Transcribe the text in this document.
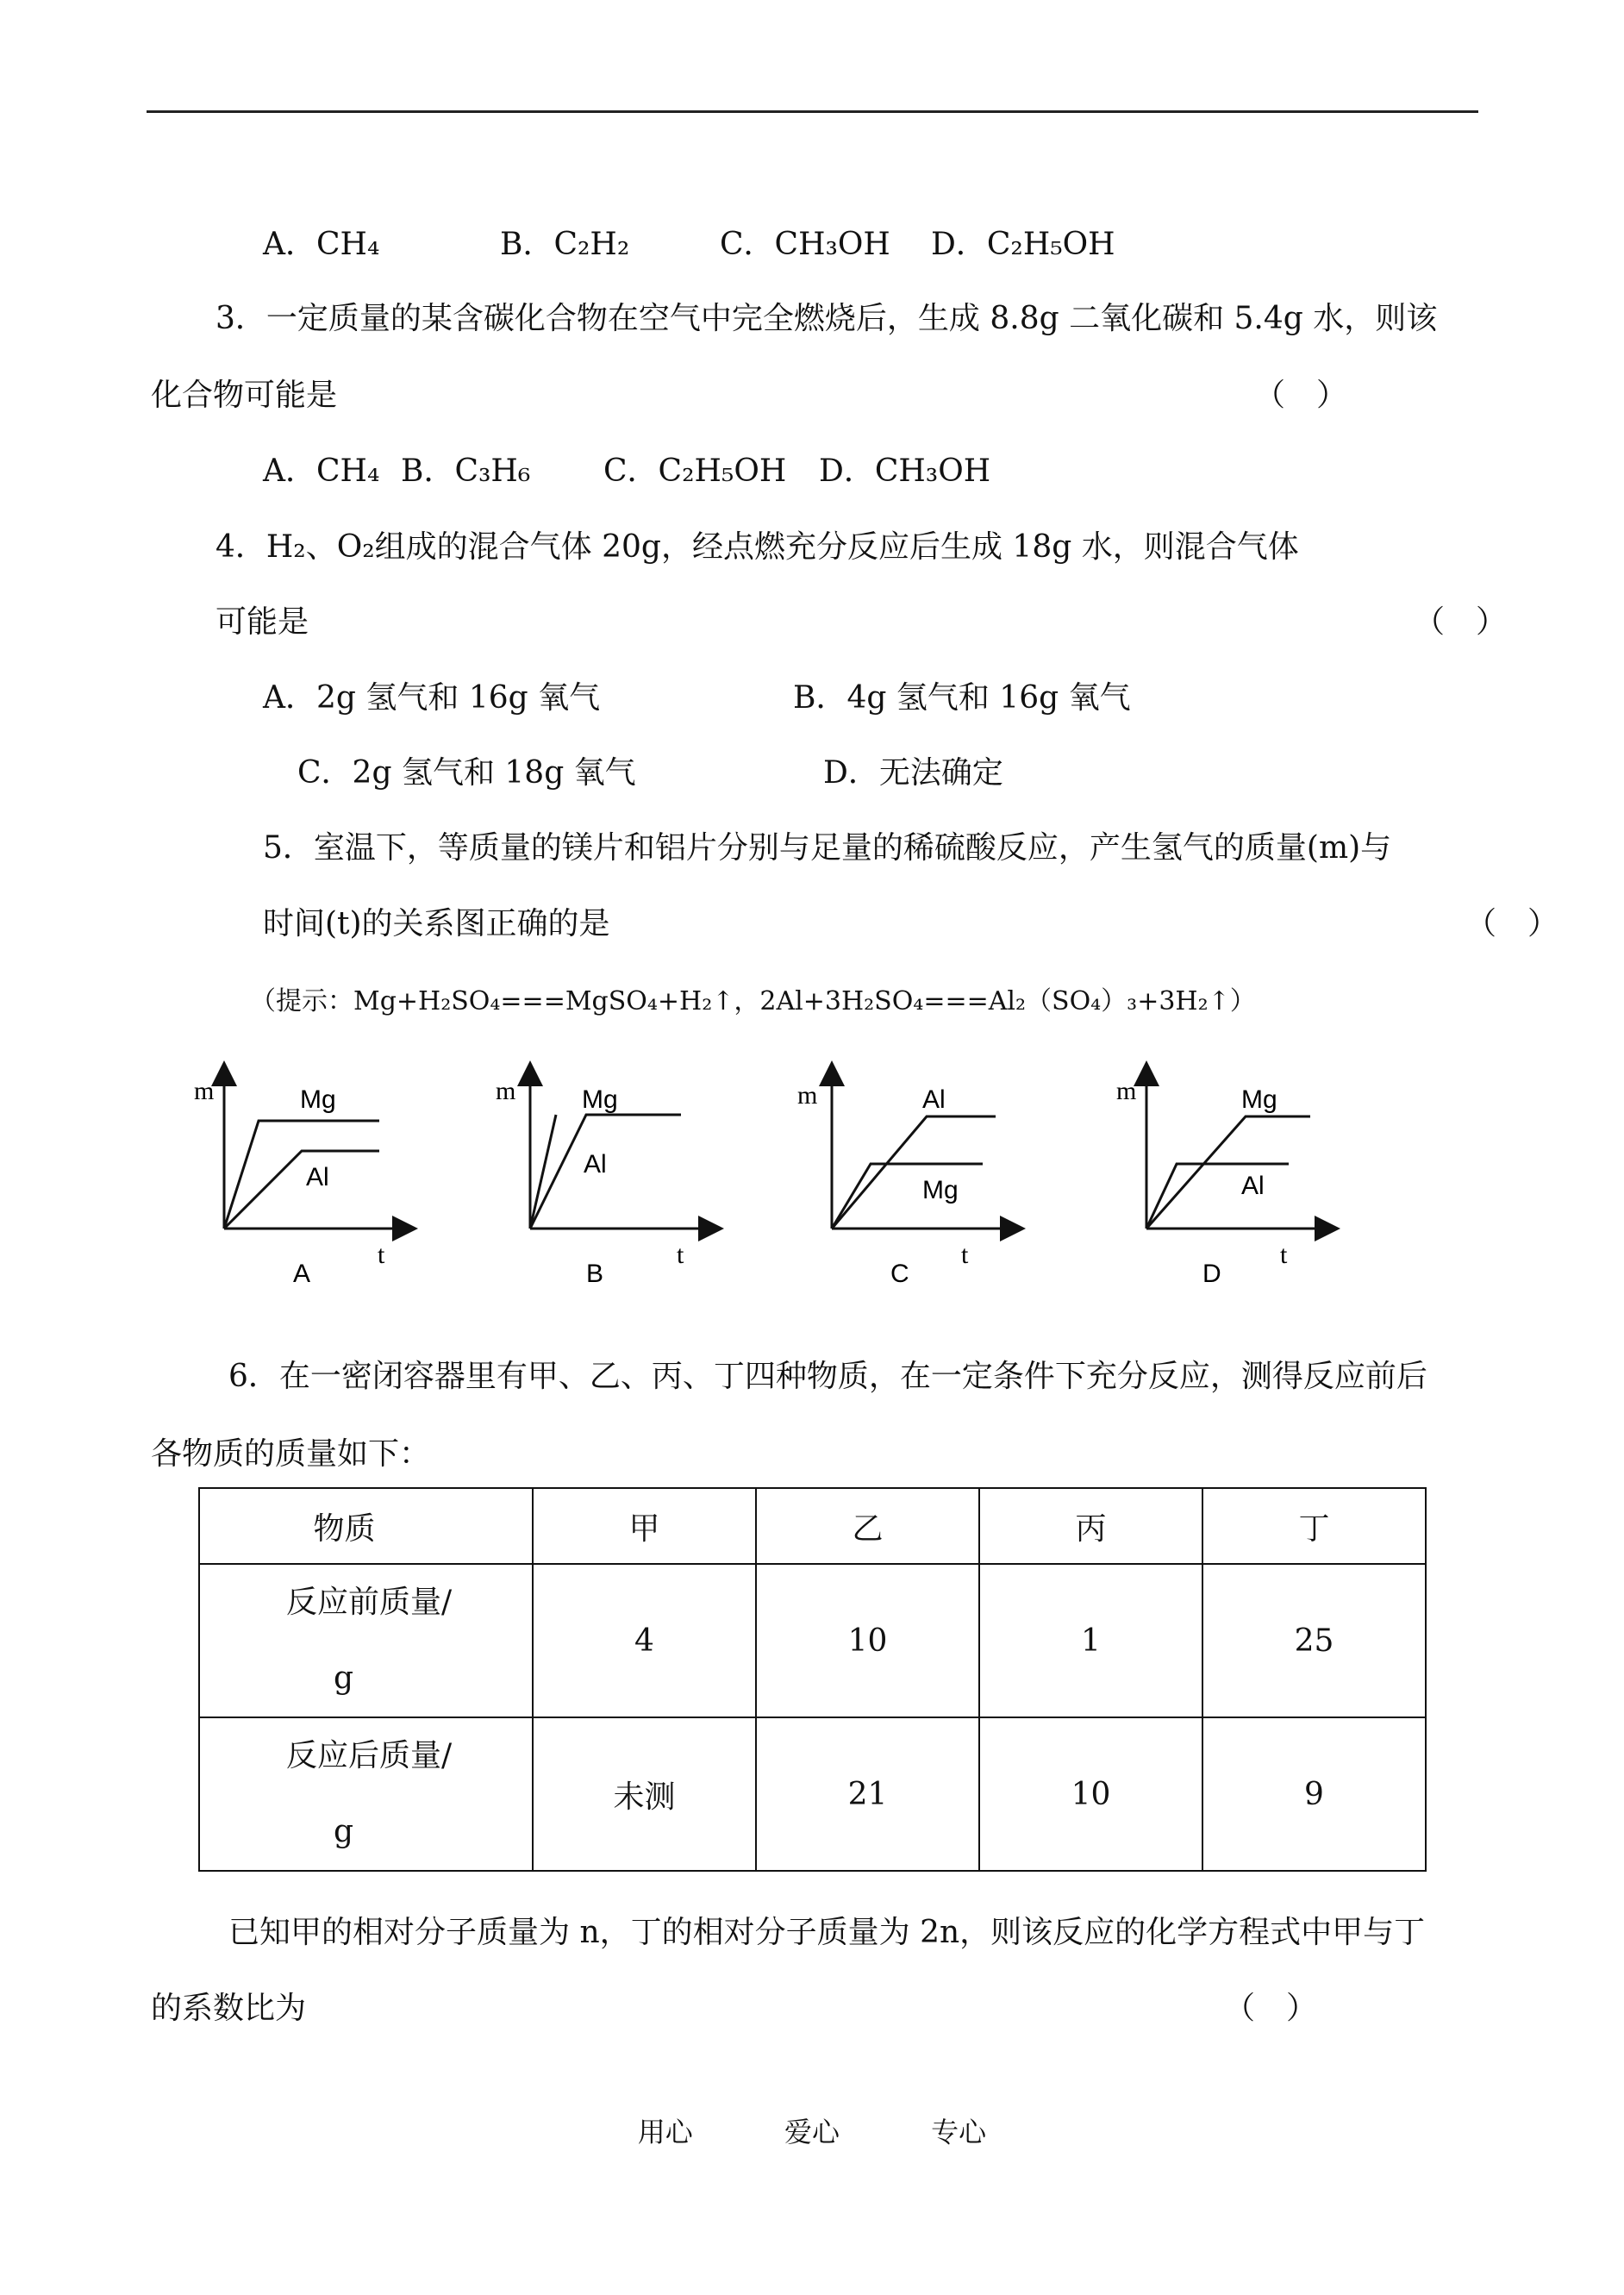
A．CH₄	B．C₂H₂	C．CH₃OH D．C₂H₅OH
3．一定质量的某含碳化合物在空气中完全燃烧后，生成 8.8g 二氧化碳和 5.4g 水，则该
化合物可能是	（　）
A．CH₄ B．C₃H₆ C．C₂H₅OH D．CH₃OH
4．H₂、O₂组成的混合气体 20g，经点燃充分反应后生成 18g 水，则混合气体
可能是	（　）
A．2g 氢气和 16g 氧气	B．4g 氢气和 16g 氧气
C．2g 氢气和 18g 氧气	D．无法确定
5．室温下，等质量的镁片和铝片分别与足量的稀硫酸反应，产生氢气的质量(m)与
时间(t)的关系图正确的是	（　）
（提示：Mg+H₂SO₄===MgSO₄+H₂↑，2Al+3H₂SO₄===Al₂（SO₄）₃+3H₂↑）
m
t
Mg
Al
A
m
t
Mg
Al
B
m
t
Al
Mg
C
m
t
Mg
Al
D
6．在一密闭容器里有甲、乙、丙、丁四种物质，在一定条件下充分反应，测得反应前后
各物质的质量如下：
物质	甲	乙	丙	丁

反应前质量/
g	4	10	1	25

反应后质量/
g	未测	21	10	9
已知甲的相对分子质量为 n，丁的相对分子质量为 2n，则该反应的化学方程式中甲与丁
的系数比为	（　）
用心	爱心	专心
